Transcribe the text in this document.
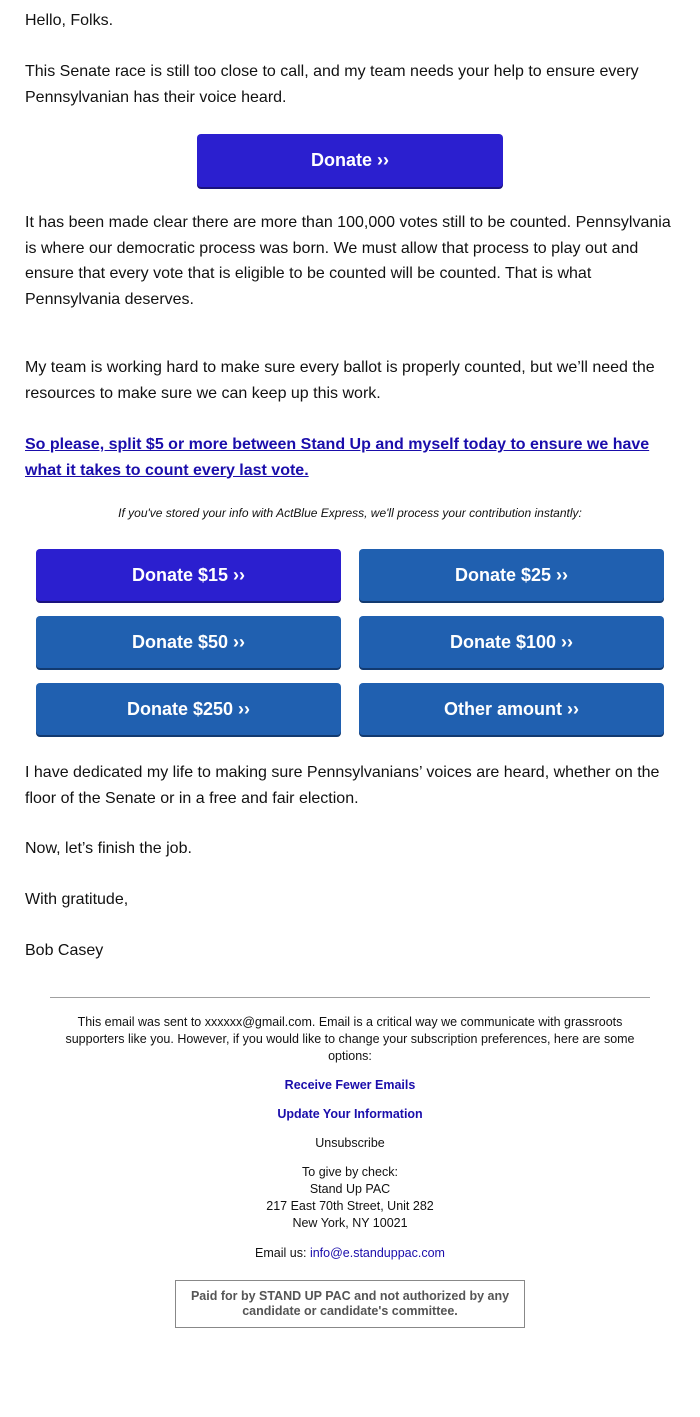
Hello, Folks.

This Senate race is still too close to call, and my team needs your help to ensure every Pennsylvanian has their voice heard.

Donate ››

It has been made clear there are more than 100,000 votes still to be counted. Pennsylvania is where our democratic process was born. We must allow that process to play out and ensure that every vote that is eligible to be counted will be counted. That is what Pennsylvania deserves.

My team is working hard to make sure every ballot is properly counted, but we’ll need the resources to make sure we can keep up this work.

So please, split $5 or more between Stand Up and myself today to ensure we have what it takes to count every last vote.
If you've stored your info with ActBlue Express, we'll process your contribution instantly:
Donate $15 ››	Donate $25 ››
Donate $50 ››	Donate $100 ››
Donate $250 ››	Other amount ››

I have dedicated my life to making sure Pennsylvanians’ voices are heard, whether on the floor of the Senate or in a free and fair election.

Now, let’s finish the job.

With gratitude,

Bob Casey

This email was sent to xxxxxx@gmail.com. Email is a critical way we communicate with grassroots supporters like you. However, if you would like to change your subscription preferences, here are some options:
Receive Fewer Emails
Update Your Information
Unsubscribe
To give by check:
Stand Up PAC
217 East 70th Street, Unit 282
New York, NY 10021
Email us: info@e.standuppac.com
Paid for by STAND UP PAC and not authorized by any candidate or candidate's committee.
